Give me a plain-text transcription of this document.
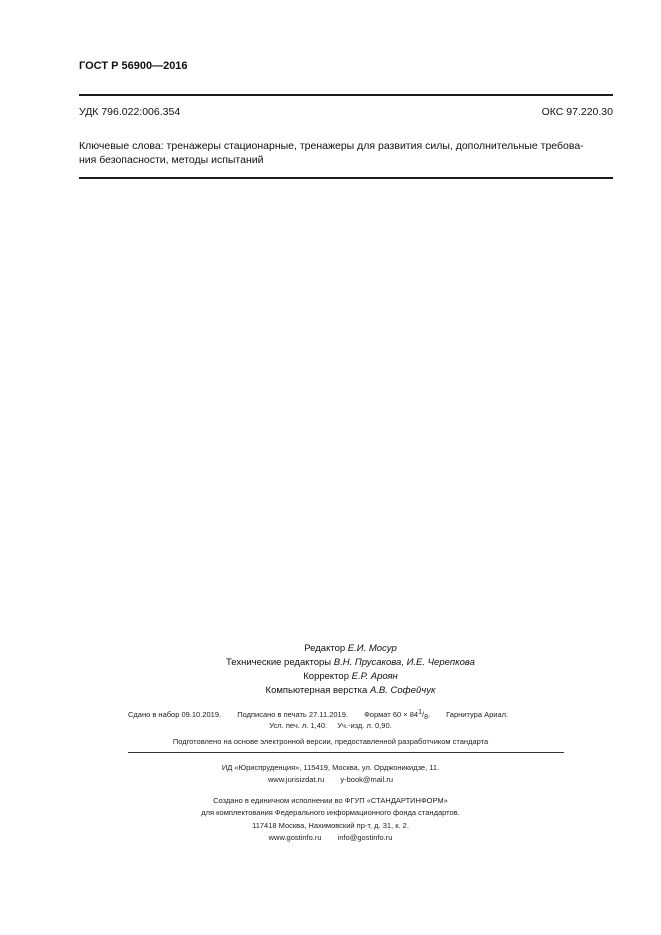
ГОСТ Р 56900—2016
УДК 796.022:006.354	ОКС 97.220.30
Ключевые слова: тренажеры стационарные, тренажеры для развития силы, дополнительные требова-
ния безопасности, методы испытаний
Редактор Е.И. Мосур
Технические редакторы В.Н. Прусакова, И.Е. Черепкова
Корректор Е.Р. Ароян
Компьютерная верстка А.В. Софейчук
Сдано в набор 09.10.2019. Подписано в печать 27.11.2019. Формат $60 \times 84^1/_8$. Гарнитура Ариал.
Усл. печ. л. 1,40. Уч.-изд. л. 0,90.
Подготовлено на основе электронной версии, предоставленной разработчиком стандарта
ИД «Юриспруденция», 115419, Москва, ул. Орджоникидзе, 11.
www.jurisizdat.ru y-book@mail.ru
Создано в единичном исполнении во ФГУП «СТАНДАРТИНФОРМ»
для комплектования Федерального информационного фонда стандартов.
117418 Москва, Нахимовский пр-т, д. 31, к. 2.
www.gostinfo.ru info@gostinfo.ru
